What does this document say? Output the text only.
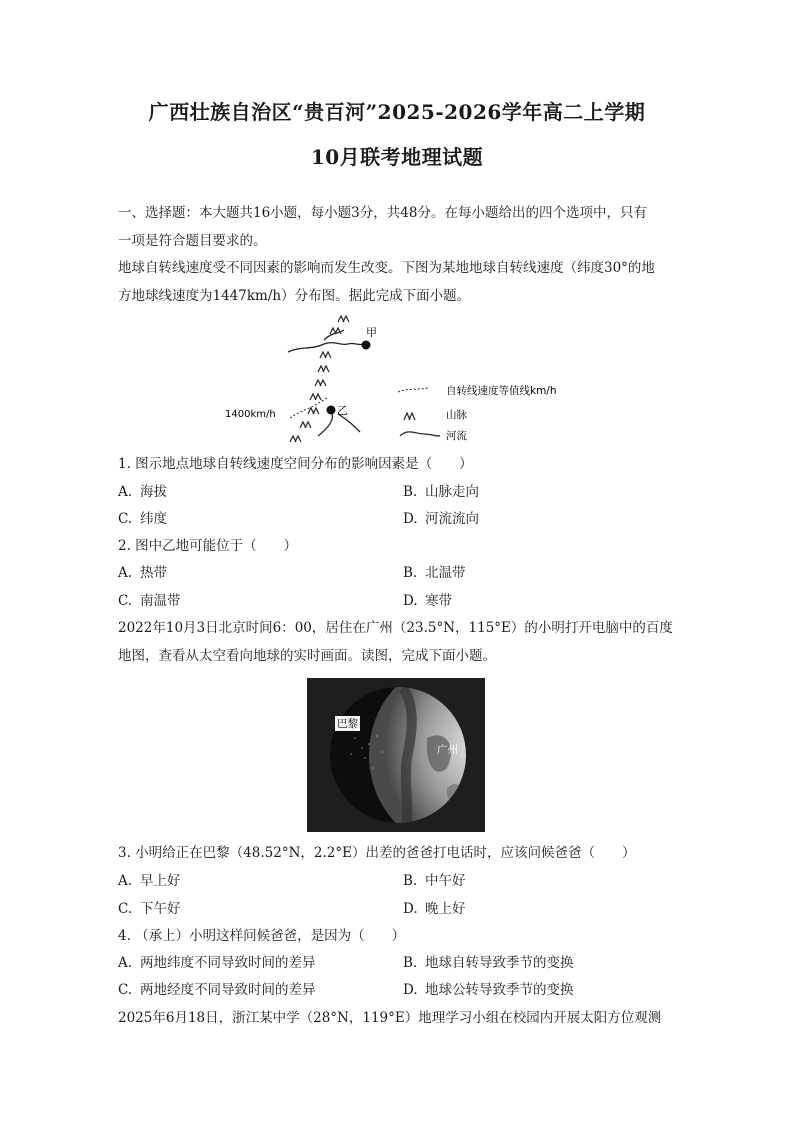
广西壮族自治区“贵百河”2025-2026学年高二上学期
10月联考地理试题
一、选择题：本大题共16小题，每小题3分，共48分。在每小题给出的四个选项中，只有
一项是符合题目要求的。
地球自转线速度受不同因素的影响而发生改变。下图为某地地球自转线速度（纬度30°的地
方地球线速度为1447km/h）分布图。据此完成下面小题。
甲
乙
1400km/h
自转线速度等值线km/h
山脉
河流
1. 图示地点地球自转线速度空间分布的影响因素是（　　）
A. 海拔	B. 山脉走向
C. 纬度	D. 河流流向
2. 图中乙地可能位于（　　）
A. 热带	B. 北温带
C. 南温带	D. 寒带
2022年10月3日北京时间6：00，居住在广州（23.5°N，115°E）的小明打开电脑中的百度
地图，查看从太空看向地球的实时画面。读图，完成下面小题。
巴黎
广州
3. 小明给正在巴黎（48.52°N，2.2°E）出差的爸爸打电话时，应该问候爸爸（　　）
A. 早上好	B. 中午好
C. 下午好	D. 晚上好
4. （承上）小明这样问候爸爸，是因为（　　）
A. 两地纬度不同导致时间的差异	B. 地球自转导致季节的变换
C. 两地经度不同导致时间的差异	D. 地球公转导致季节的变换
2025年6月18日，浙江某中学（28°N，119°E）地理学习小组在校园内开展太阳方位观测
